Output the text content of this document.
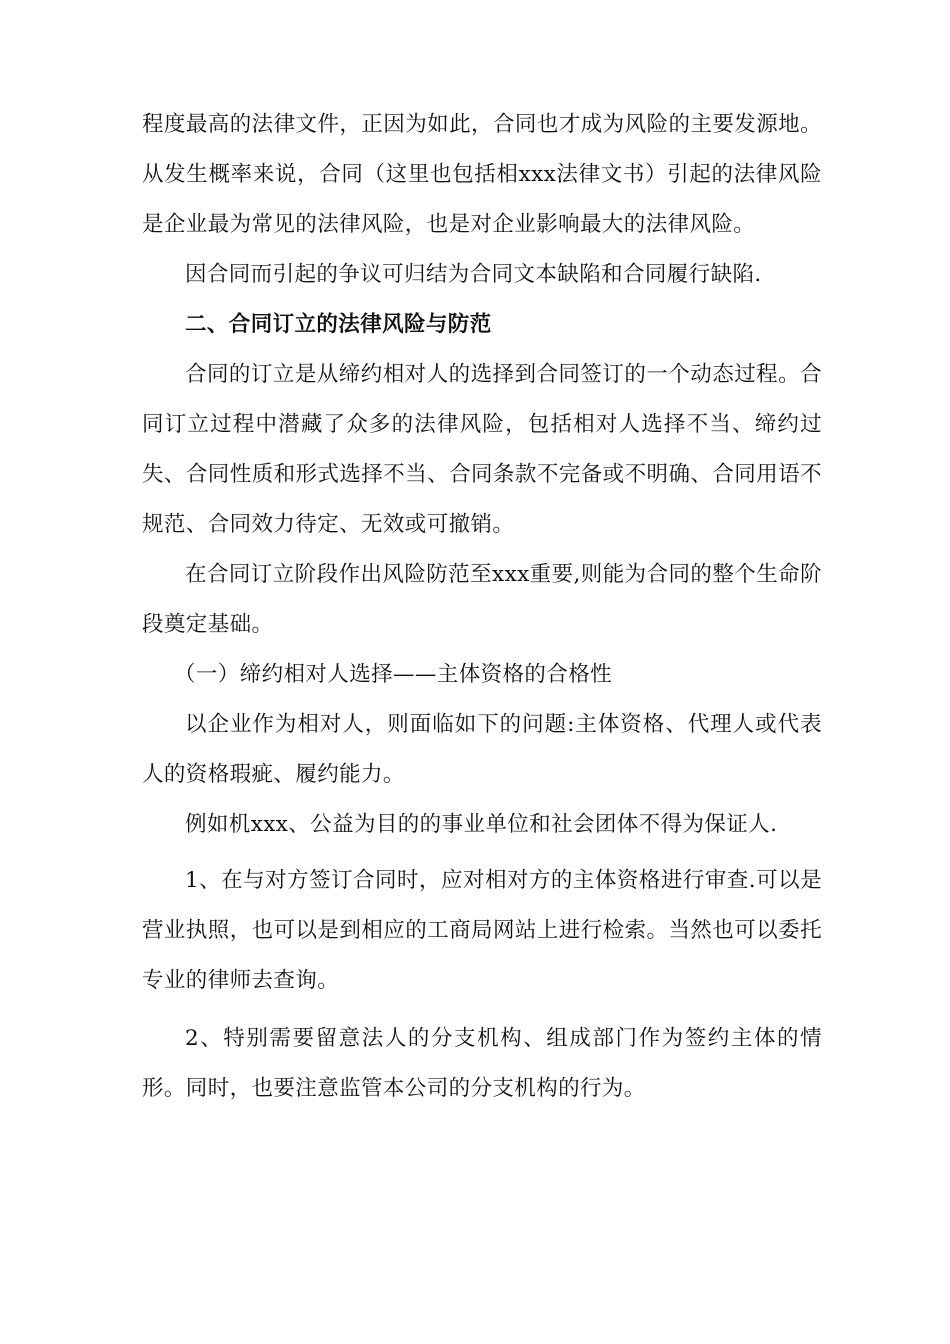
程度最高的法律文件，正因为如此，合同也才成为风险的主要发源地。从发生概率来说，合同（这里也包括相xxx法律文书）引起的法律风险是企业最为常见的法律风险，也是对企业影响最大的法律风险。

因合同而引起的争议可归结为合同文本缺陷和合同履行缺陷.

二、合同订立的法律风险与防范

合同的订立是从缔约相对人的选择到合同签订的一个动态过程。合同订立过程中潜藏了众多的法律风险，包括相对人选择不当、缔约过失、合同性质和形式选择不当、合同条款不完备或不明确、合同用语不规范、合同效力待定、无效或可撤销。

在合同订立阶段作出风险防范至xxx重要,则能为合同的整个生命阶段奠定基础。

（一）缔约相对人选择——主体资格的合格性

以企业作为相对人，则面临如下的问题:主体资格、代理人或代表人的资格瑕疵、履约能力。

例如机xxx、公益为目的的事业单位和社会团体不得为保证人.

1、在与对方签订合同时，应对相对方的主体资格进行审查.可以是营业执照，也可以是到相应的工商局网站上进行检索。当然也可以委托专业的律师去查询。

2、特别需要留意法人的分支机构、组成部门作为签约主体的情形。同时，也要注意监管本公司的分支机构的行为。
